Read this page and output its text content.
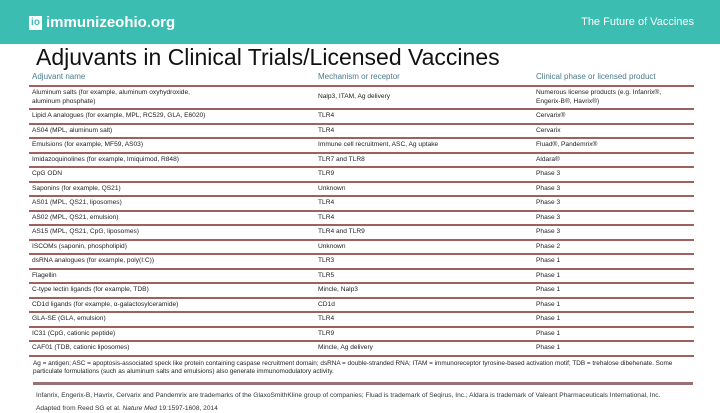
io immunizeohio.org	The Future of Vaccines
Adjuvants in Clinical Trials/Licensed Vaccines
Adjuvant name	Mechanism or receptor	Clinical phase or licensed product
Aluminum salts (for example, aluminum oxyhydroxide, aluminum phosphate)	Nalp3, ITAM, Ag delivery	Numerous license products (e.g. Infanrix®, Engerix-B®, Havrix®)
Lipid A analogues (for example, MPL, RC529, GLA, E6020)	TLR4	Cervarix®
AS04 (MPL, aluminum salt)	TLR4	Cervarix
Emulsions (for example, MF59, AS03)	Immune cell recruitment, ASC, Ag uptake	Fluad®, Pandemrix®
Imidazoquinolines (for example, Imiquimod, R848)	TLR7 and TLR8	Aldara®
CpG ODN	TLR9	Phase 3
Saponins (for example, QS21)	Unknown	Phase 3
AS01 (MPL, QS21, liposomes)	TLR4	Phase 3
AS02 (MPL, QS21, emulsion)	TLR4	Phase 3
AS15 (MPL, QS21, CpG, liposomes)	TLR4 and TLR9	Phase 3
ISCOMs (saponin, phospholipid)	Unknown	Phase 2
dsRNA analogues (for example, poly(I:C))	TLR3	Phase 1
Flagellin	TLR5	Phase 1
C-type lectin ligands (for example, TDB)	Mincle, Nalp3	Phase 1
CD1d ligands (for example, α-galactosylceramide)	CD1d	Phase 1
GLA-SE (GLA, emulsion)	TLR4	Phase 1
IC31 (CpG, cationic peptide)	TLR9	Phase 1
CAF01 (TDB, cationic liposomes)	Mincle, Ag delivery	Phase 1
Ag = antigen; ASC = apoptosis-associated speck like protein containing caspase recruitment domain; dsRNA = double-stranded RNA; ITAM = immunoreceptor tyrosine-based activation motif; TDB = trehalose dibehenate. Some particulate formulations (such as aluminum salts and emulsions) also generate immunomodulatory activity.
Infanrix, Engerix-B, Havrix, Cervarix and Pandemrix are trademarks of the GlaxoSmithKline group of companies; Fluad is trademark of Seqirus, Inc.; Aldara is trademark of Valeant Pharmaceuticals International, Inc.
Adapted from Reed SG et al. Nature Med 19:1597-1608, 2014
